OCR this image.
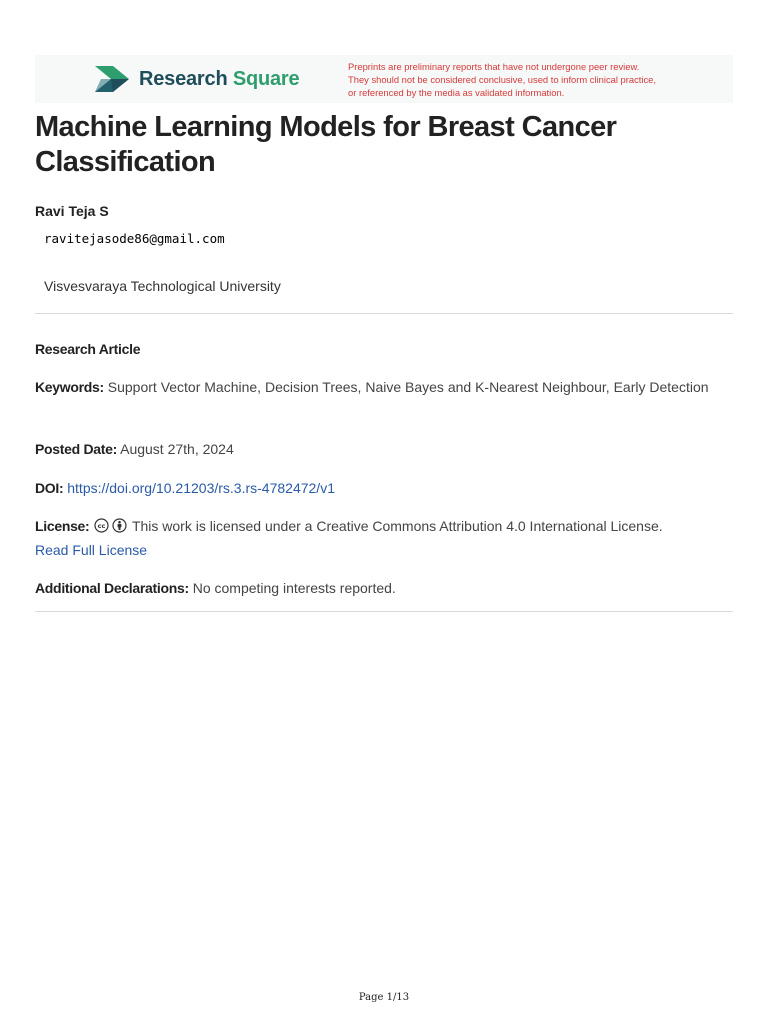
Research Square
Preprints are preliminary reports that have not undergone peer review.
They should not be considered conclusive, used to inform clinical practice,
or referenced by the media as validated information.
Machine Learning Models for Breast Cancer Classification
Ravi Teja S
ravitejasode86@gmail.com
Visvesvaraya Technological University
Research Article
Keywords: Support Vector Machine, Decision Trees, Naive Bayes and K-Nearest Neighbour, Early Detection
Posted Date: August 27th, 2024
DOI: https://doi.org/10.21203/rs.3.rs-4782472/v1
License: cc This work is licensed under a Creative Commons Attribution 4.0 International License.
Read Full License
Additional Declarations: No competing interests reported.
Page 1/13
